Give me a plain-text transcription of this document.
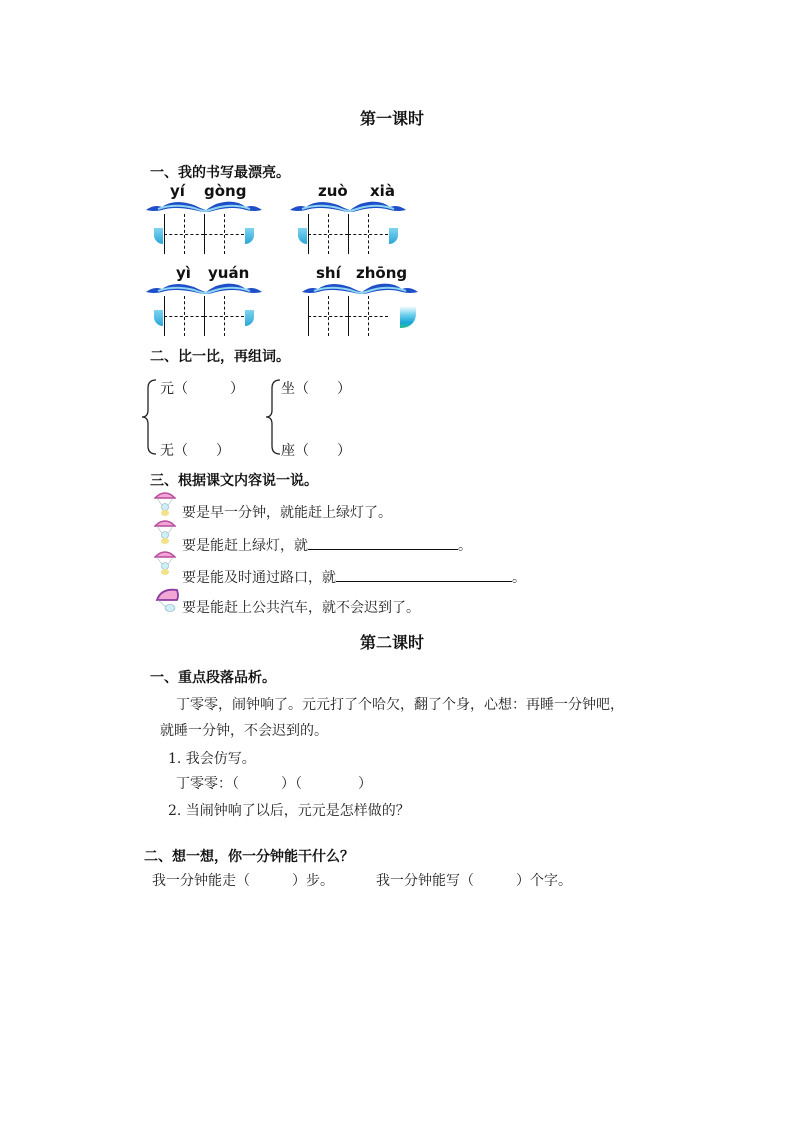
第一课时
一、我的书写最漂亮。
yí gòng	zuò xià
yì yuán	shí zhōng
二、比一比，再组词。
元（　　　）
无（　　）
坐（　　）
座（　　）
三、根据课文内容说一说。
要是早一分钟，就能赶上绿灯了。
要是能赶上绿灯，就	。
要是能及时通过路口，就	。
要是能赶上公共汽车，就不会迟到了。
第二课时
一、重点段落品析。
丁零零，闹钟响了。元元打了个哈欠，翻了个身，心想：再睡一分钟吧，
就睡一分钟，不会迟到的。
1. 我会仿写。
丁零零：（　　　）（　　　　）
2. 当闹钟响了以后，元元是怎样做的？
二、想一想，你一分钟能干什么？
我一分钟能走（　　　）步。	我一分钟能写（　　　）个字。
